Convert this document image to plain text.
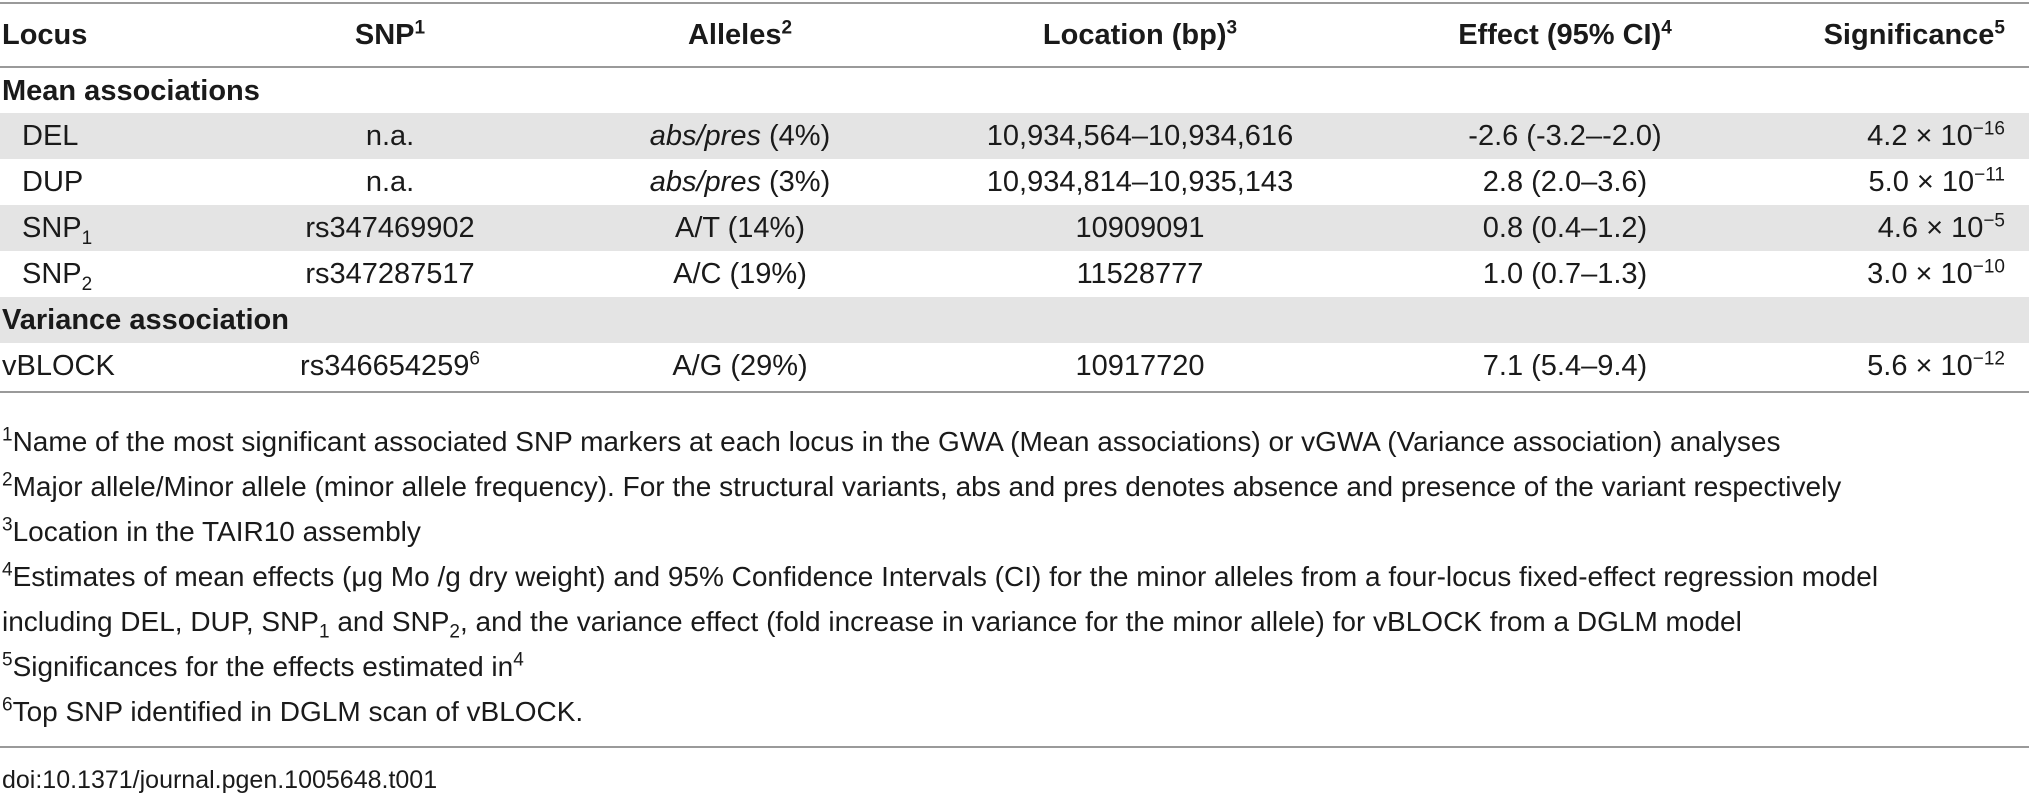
Locus	SNP$^1$	Alleles$^2$	Location (bp)$^3$	Effect (95% CI)$^4$	Significance$^5$
Mean associations
DEL	n.a.	abs/pres (4%)	10,934,564–10,934,616	-2.6 (-3.2–-2.0)	$4.2 \times 10^{-16}$
DUP	n.a.	abs/pres (3%)	10,934,814–10,935,143	2.8 (2.0–3.6)	$5.0 \times 10^{-11}$
$SNP_1$	rs347469902	A/T (14%)	10909091	0.8 (0.4–1.2)	$4.6 \times 10^{-5}$
$SNP_2$	rs347287517	A/C (19%)	11528777	1.0 (0.7–1.3)	$3.0 \times 10^{-10}$
Variance association
vBLOCK	rs346654259$^6$	A/G (29%)	10917720	7.1 (5.4–9.4)	$5.6 \times 10^{-12}$
$^1$Name of the most significant associated SNP markers at each locus in the GWA (Mean associations) or vGWA (Variance association) analyses
$^2$Major allele/Minor allele (minor allele frequency). For the structural variants, abs and pres denotes absence and presence of the variant respectively
$^3$Location in the TAIR10 assembly
$^4$Estimates of mean effects (μg Mo /g dry weight) and 95% Confidence Intervals (CI) for the minor alleles from a four-locus fixed-effect regression model
including DEL, DUP, $SNP_1$ and $SNP_2$, and the variance effect (fold increase in variance for the minor allele) for vBLOCK from a DGLM model
$^5$Significances for the effects estimated $in^4$
$^6$Top SNP identified in DGLM scan of vBLOCK.
doi:10.1371/journal.pgen.1005648.t001
